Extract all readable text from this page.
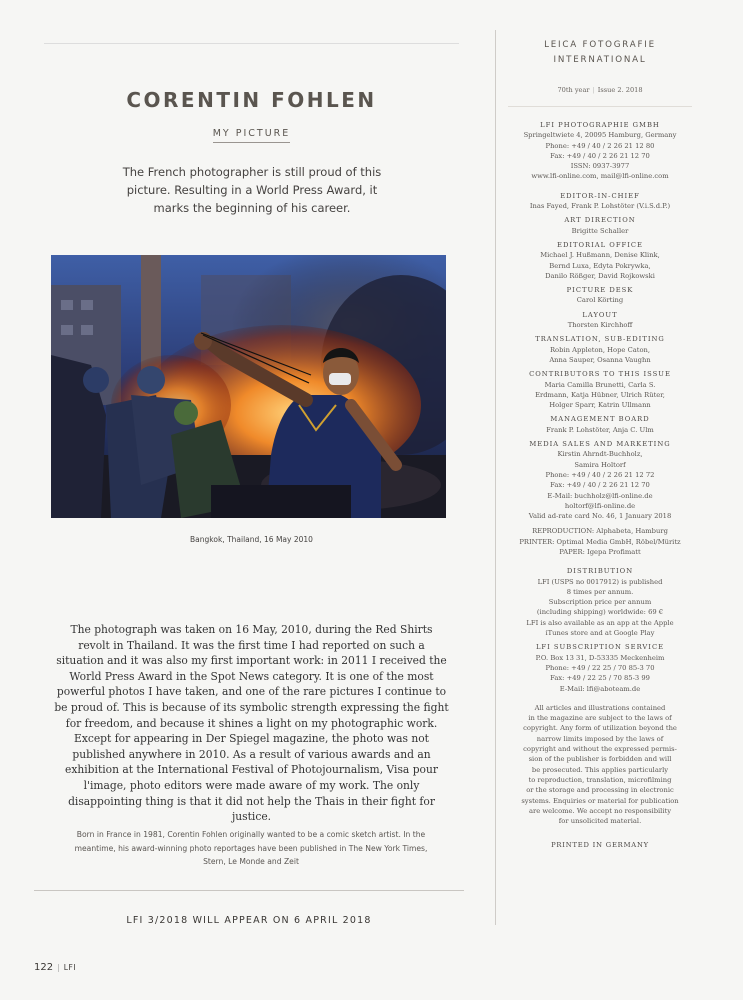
CORENTIN FOHLEN
MY PICTURE
The French photographer is still proud of this picture. Resulting in a World Press Award, it marks the beginning of his career.
Bangkok, Thailand, 16 May 2010
The photograph was taken on 16 May, 2010, during the Red Shirts revolt in Thailand. It was the first time I had reported on such a situation and it was also my first important work: in 2011 I received the World Press Award in the Spot News category. It is one of the most powerful photos I have taken, and one of the rare pictures I continue to be proud of. This is because of its symbolic strength expressing the fight for freedom, and because it shines a light on my photographic work. Except for appearing in Der Spiegel magazine, the photo was not published anywhere in 2010. As a result of various awards and an exhibition at the International Festival of Photojournalism, Visa pour l'image, photo editors were made aware of my work. The only disappointing thing is that it did not help the Thais in their fight for justice.
Born in France in 1981, Corentin Fohlen originally wanted to be a comic sketch artist. In the meantime, his award-winning photo reportages have been published in The New York Times, Stern, Le Monde and Zeit
LFI 3/2018 WILL APPEAR ON 6 APRIL 2018
122 | LFI
LEICA FOTOGRAFIE
INTERNATIONAL
70th year | Issue 2. 2018
LFI PHOTOGRAPHIE GMBH
Springeltwiete 4, 20095 Hamburg, Germany
Phone: +49 / 40 / 2 26 21 12 80
Fax: +49 / 40 / 2 26 21 12 70
ISSN: 0937-3977
www.lfi-online.com, mail@lfi-online.com
EDITOR-IN-CHIEF
Inas Fayed, Frank P. Lohstöter (V.i.S.d.P.)
ART DIRECTION
Brigitte Schaller
EDITORIAL OFFICE
Michael J. Hußmann, Denise Klink,
Bernd Luxa, Edyta Pokrywka,
Danilo Rößger, David Rojkowski
PICTURE DESK
Carol Körting
LAYOUT
Thorsten Kirchhoff
TRANSLATION, SUB-EDITING
Robin Appleton, Hope Caton,
Anna Sauper, Osanna Vaughn
CONTRIBUTORS TO THIS ISSUE
Maria Camilla Brunetti, Carla S.
Erdmann, Katja Hübner, Ulrich Rüter,
Holger Sparr, Katrin Ullmann
MANAGEMENT BOARD
Frank P. Lohstöter, Anja C. Ulm
MEDIA SALES AND MARKETING
Kirstin Ahrndt-Buchholz,
Samira Holtorf
Phone: +49 / 40 / 2 26 21 12 72
Fax: +49 / 40 / 2 26 21 12 70
E-Mail: buchholz@lfi-online.de
holtorf@lfi-online.de
Valid ad-rate card No. 46, 1 January 2018
REPRODUCTION: Alphabeta, Hamburg
PRINTER: Optimal Media GmbH, Röbel/Müritz
PAPER: Igepa Profimatt
DISTRIBUTION
LFI (USPS no 0017912) is published
8 times per annum.
Subscription price per annum
(including shipping) worldwide: 69 €
LFI is also available as an app at the Apple
iTunes store and at Google Play
LFI SUBSCRIPTION SERVICE
P.O. Box 13 31, D-53335 Meckenheim
Phone: +49 / 22 25 / 70 85-3 70
Fax: +49 / 22 25 / 70 85-3 99
E-Mail: lfi@aboteam.de
All articles and illustrations contained
in the magazine are subject to the laws of
copyright. Any form of utilization beyond the
narrow limits imposed by the laws of
copyright and without the expressed permis-
sion of the publisher is forbidden and will
be prosecuted. This applies particularly
to reproduction, translation, microfilming
or the storage and processing in electronic
systems. Enquiries or material for publication
are welcome. We accept no responsibility
for unsolicited material.
PRINTED IN GERMANY
